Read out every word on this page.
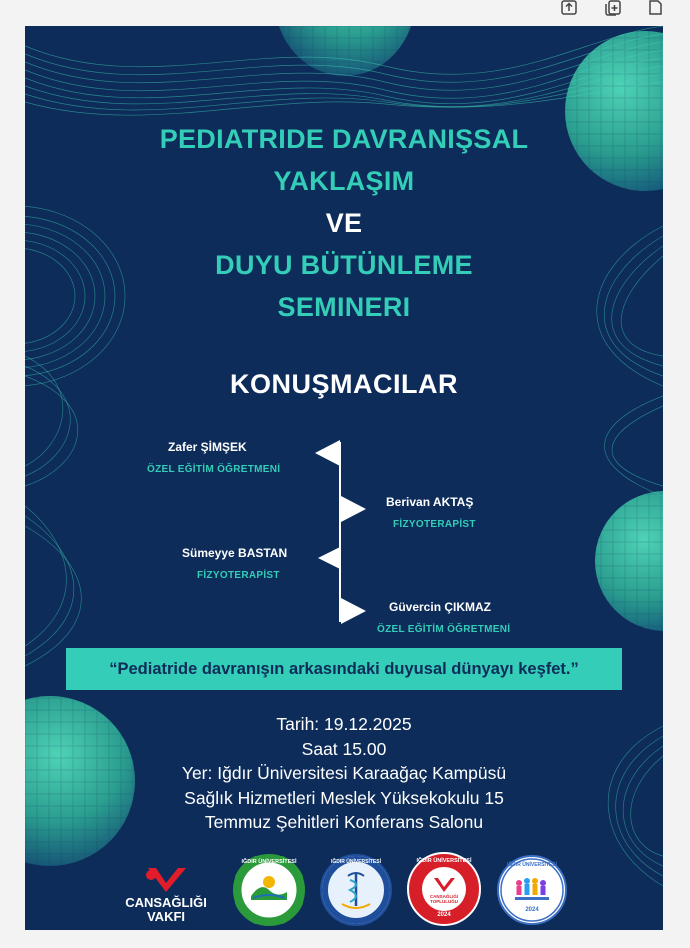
PEDIATRIDE DAVRANIŞSAL
YAKLAŞIM
VE
DUYU BÜTÜNLEME
SEMINERI
KONUŞMACILAR
Zafer ŞİMŞEK
ÖZEL EĞİTİM ÖĞRETMENİ
Berivan AKTAŞ
FİZYOTERAPİST
Sümeyye BASTAN
FİZYOTERAPİST
Güvercin ÇIKMAZ
ÖZEL EĞİTİM ÖĞRETMENİ
“Pediatride davranışın arkasındaki duyusal dünyayı keşfet.”
Tarih: 19.12.2025
Saat 15.00
Yer: Iğdır Üniversitesi Karaağaç Kampüsü
Sağlık Hizmetleri Meslek Yüksekokulu 15
Temmuz Şehitleri Konferans Salonu
CANSAĞLIĞI
VAKFI
IĞDIR ÜNİVERSİTESİ
2008
IĞDIR ÜNİVERSİTESİ	IĞDIR ÜNİVERSİTESİ
CANSAĞLIĞI TOPLULUĞU
2024
IĞDIR ÜNİVERSİTESİ
2024
